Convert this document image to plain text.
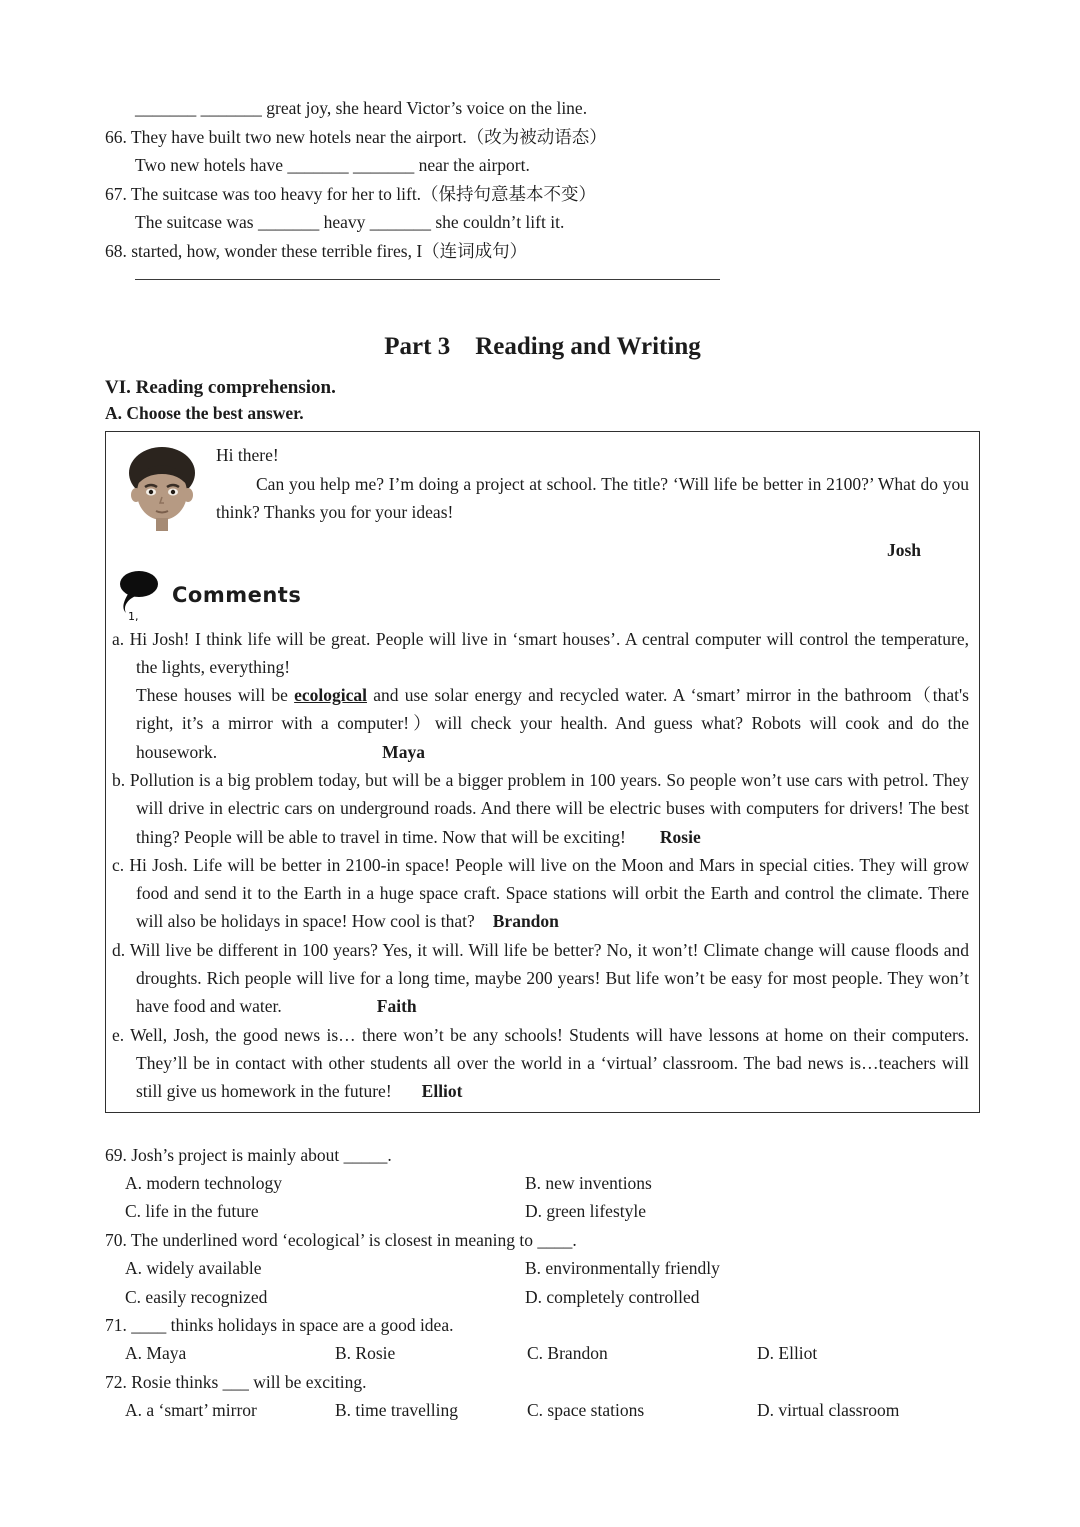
_______ _______ great joy, she heard Victor’s voice on the line.
66. They have built two new hotels near the airport.（改为被动语态）
Two new hotels have _______ _______ near the airport.
67. The suitcase was too heavy for her to lift.（保持句意基本不变）
The suitcase was _______ heavy _______ she couldn’t lift it.
68. started, how, wonder these terrible fires, I（连词成句）
Part 3    Reading and Writing
VI. Reading comprehension.
A. Choose the best answer.
Hi there!
Can you help me? I’m doing a project at school. The title? ‘Will life be better in 2100?’ What do you think? Thanks you for your ideas!
Josh
1,
Comments
a. Hi Josh! I think life will be great. People will live in ‘smart houses’. A central computer will control the temperature, the lights, everything!
These houses will be ecological and use solar energy and recycled water. A ‘smart’ mirror in the bathroom（that's right, it’s a mirror with a computer!）will check your health. And guess what? Robots will cook and do the housework.	Maya
b. Pollution is a big problem today, but will be a bigger problem in 100 years. So people won’t use cars with petrol. They will drive in electric cars on underground roads. And there will be electric buses with computers for drivers! The best thing? People will be able to travel in time. Now that will be exciting! Rosie
c. Hi Josh. Life will be better in 2100-in space! People will live on the Moon and Mars in special cities. They will grow food and send it to the Earth in a huge space craft. Space stations will orbit the Earth and control the climate. There will also be holidays in space! How cool is that? Brandon
d. Will live be different in 100 years? Yes, it will. Will life be better? No, it won’t! Climate change will cause floods and droughts. Rich people will live for a long time, maybe 200 years! But life won’t be easy for most people. They won’t have food and water.	Faith
e. Well, Josh, the good news is… there won’t be any schools! Students will have lessons at home on their computers. They’ll be in contact with other students all over the world in a ‘virtual’ classroom. The bad news is…teachers will still give us homework in the future! Elliot
69. Josh’s project is mainly about _____.
A. modern technology	B. new inventions
C. life in the future	D. green lifestyle
70. The underlined word ‘ecological’ is closest in meaning to ____.
A. widely available	B. environmentally friendly
C. easily recognized	D. completely controlled
71. ____ thinks holidays in space are a good idea.
A. Maya	B. Rosie	C. Brandon	D. Elliot
72. Rosie thinks ___ will be exciting.
A. a ‘smart’ mirror	B. time travelling	C. space stations	D. virtual classroom
